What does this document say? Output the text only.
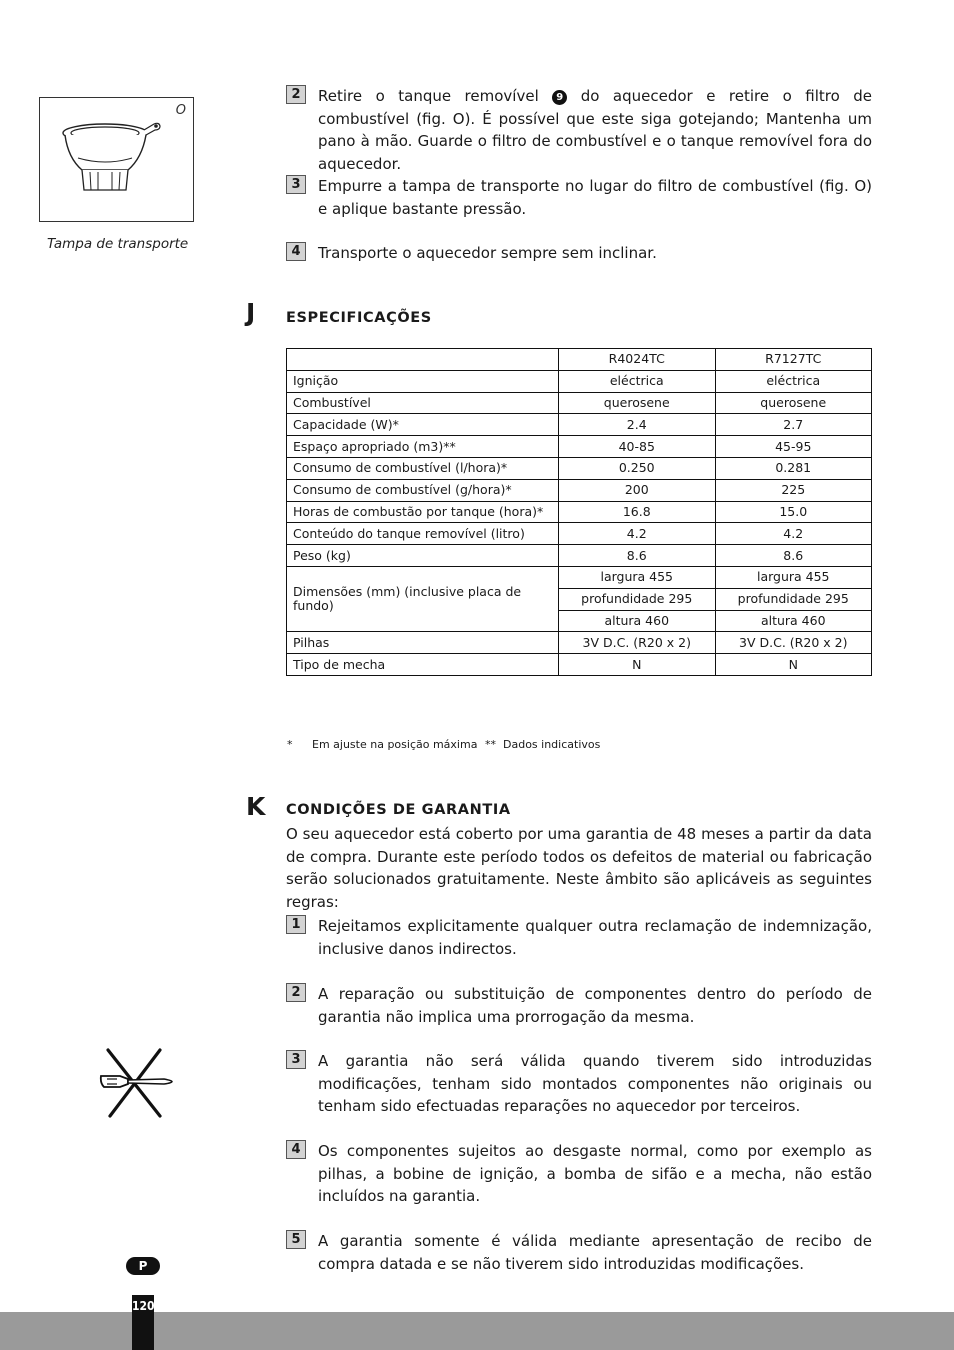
O
Tampa de transporte
2	Retire o tanque removível 9 do aquecedor e retire o filtro de combustível (fig. O). É possível que este siga gotejando; Mantenha um pano à mão. Guarde o filtro de combustível e o tanque removível fora do aquecedor.
3	Empurre a tampa de transporte no lugar do filtro de combustível (fig. O) e aplique bastante pressão.
4	Transporte o aquecedor sempre sem inclinar.
J ESPECIFICAÇÕES
	R4024TC	R7127TC
Ignição	eléctrica	eléctrica
Combustível	querosene	querosene
Capacidade (W)*	2.4	2.7
Espaço apropriado (m3)**	40-85	45-95
Consumo de combustível (l/hora)*	0.250	0.281
Consumo de combustível (g/hora)*	200	225
Horas de combustão por tanque (hora)*	16.8	15.0
Conteúdo do tanque removível (litro)	4.2	4.2
Peso (kg)	8.6	8.6
Dimensões (mm) (inclusive placa de fundo)	largura 455	largura 455
	profundidade 295	profundidade 295
	altura 460	altura 460
Pilhas	3V D.C. (R20 x 2)	3V D.C. (R20 x 2)
Tipo de mecha	N	N
* Em ajuste na posição máxima ** Dados indicativos
K CONDIÇÕES DE GARANTIA
O seu aquecedor está coberto por uma garantia de 48 meses a partir da data de compra. Durante este período todos os defeitos de material ou fabricação serão solucionados gratuitamente. Neste âmbito são aplicáveis as seguintes regras:
1	Rejeitamos explicitamente qualquer outra reclamação de indemnização, inclusive danos indirectos.
2	A reparação ou substituição de componentes dentro do período de garantia não implica uma prorrogação da mesma.
3	A garantia não será válida quando tiverem sido introduzidas modificações, tenham sido montados componentes não originais ou tenham sido efectuadas reparações no aquecedor por terceiros.
4	Os componentes sujeitos ao desgaste normal, como por exemplo as pilhas, a bobine de ignição, a bomba de sifão e a mecha, não estão incluídos na garantia.
5	A garantia somente é válida mediante apresentação de recibo de compra datada e se não tiverem sido introduzidas modificações.
P
120
